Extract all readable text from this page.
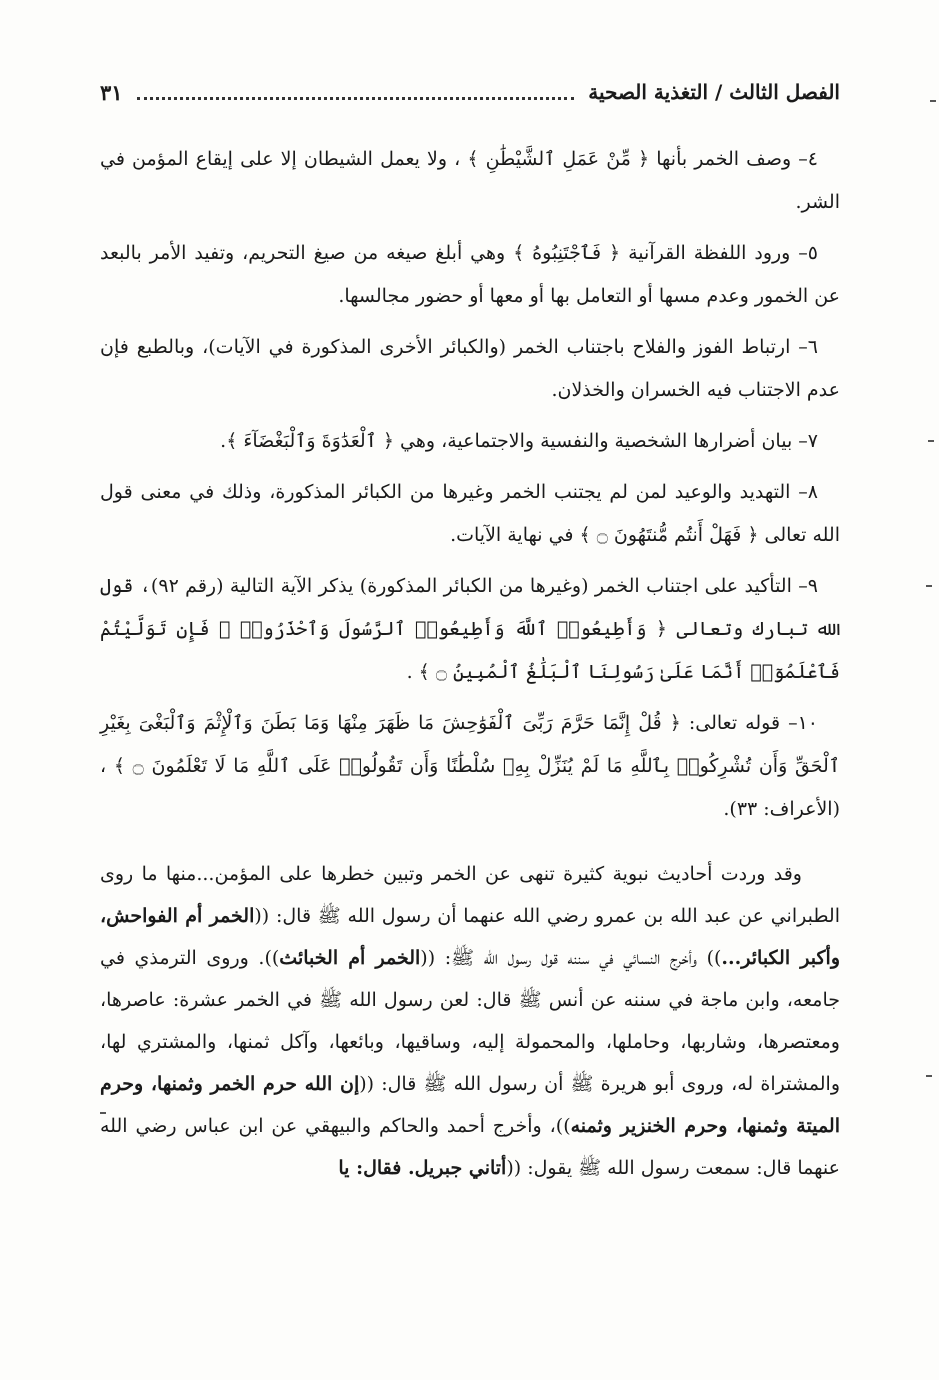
الفصل الثالث / التغذية الصحية
٣١

٤– وصف الخمر بأنها ﴿ مِّنْ عَمَلِ ٱلشَّيْطَٰنِ ﴾ ، ولا يعمل الشيطان إلا على إيقاع المؤمن في الشر.

٥– ورود اللفظة القرآنية ﴿ فَٱجْتَنِبُوهُ ﴾ وهي أبلغ صيغه من صيغ التحريم، وتفيد الأمر بالبعد عن الخمور وعدم مسها أو التعامل بها أو معها أو حضور مجالسها.

٦– ارتباط الفوز والفلاح باجتناب الخمر (والكبائر الأخرى المذكورة في الآيات)، وبالطبع فإن عدم الاجتناب فيه الخسران والخذلان.

٧– بيان أضرارها الشخصية والنفسية والاجتماعية، وهي ﴿ ٱلْعَدَٰوَةَ وَٱلْبَغْضَآءَ ﴾.

٨– التهديد والوعيد لمن لم يجتنب الخمر وغيرها من الكبائر المذكورة، وذلك في معنى قول الله تعالى ﴿ فَهَلْ أَنتُم مُّنتَهُونَ ۝ ﴾ في نهاية الآيات.

٩– التأكيد على اجتناب الخمر (وغيرها من الكبائر المذكورة) يذكر الآية التالية (رقم ٩٢)، قول الله تبارك وتعالى ﴿ وَأَطِيعُوا۟ ٱللَّهَ وَأَطِيعُوا۟ ٱلرَّسُولَ وَٱحْذَرُوا۟ ۚ فَإِن تَوَلَّيْتُمْ فَٱعْلَمُوٓا۟ أَنَّمَا عَلَىٰ رَسُولِنَا ٱلْبَلَٰغُ ٱلْمُبِينُ ۝ ﴾ .

١٠– قوله تعالى: ﴿ قُلْ إِنَّمَا حَرَّمَ رَبِّىَ ٱلْفَوَٰحِشَ مَا ظَهَرَ مِنْهَا وَمَا بَطَنَ وَٱلْإِثْمَ وَٱلْبَغْىَ بِغَيْرِ ٱلْحَقِّ وَأَن تُشْرِكُوا۟ بِٱللَّهِ مَا لَمْ يُنَزِّلْ بِهِۦ سُلْطَٰنًا وَأَن تَقُولُوا۟ عَلَى ٱللَّهِ مَا لَا تَعْلَمُونَ ۝ ﴾ ، (الأعراف: ٣٣).

وقد وردت أحاديث نبوية كثيرة تنهى عن الخمر وتبين خطرها على المؤمن...منها ما روى الطبراني عن عبد الله بن عمرو رضي الله عنهما أن رسول الله ﷺ قال: ((الخمر أم الفواحش، وأكبر الكبائر...)) وأخرج النسائي في سننه قول رسول الله ﷺ: ((الخمر أم الخبائث)). وروى الترمذي في جامعه، وابن ماجة في سننه عن أنس ﷺ قال: لعن رسول الله ﷺ في الخمر عشرة: عاصرها، ومعتصرها، وشاربها، وحاملها، والمحمولة إليه، وساقيها، وبائعها، وآكل ثمنها، والمشتري لها، والمشتراة له، وروى أبو هريرة ﷺ أن رسول الله ﷺ قال: ((إن الله حرم الخمر وثمنها، وحرم الميتة وثمنها، وحرم الخنزير وثمنه))، وأخرج أحمد والحاكم والبيهقي عن ابن عباس رضي الله عنهما قال: سمعت رسول الله ﷺ يقول: ((أتاني جبريل. فقال: يا
